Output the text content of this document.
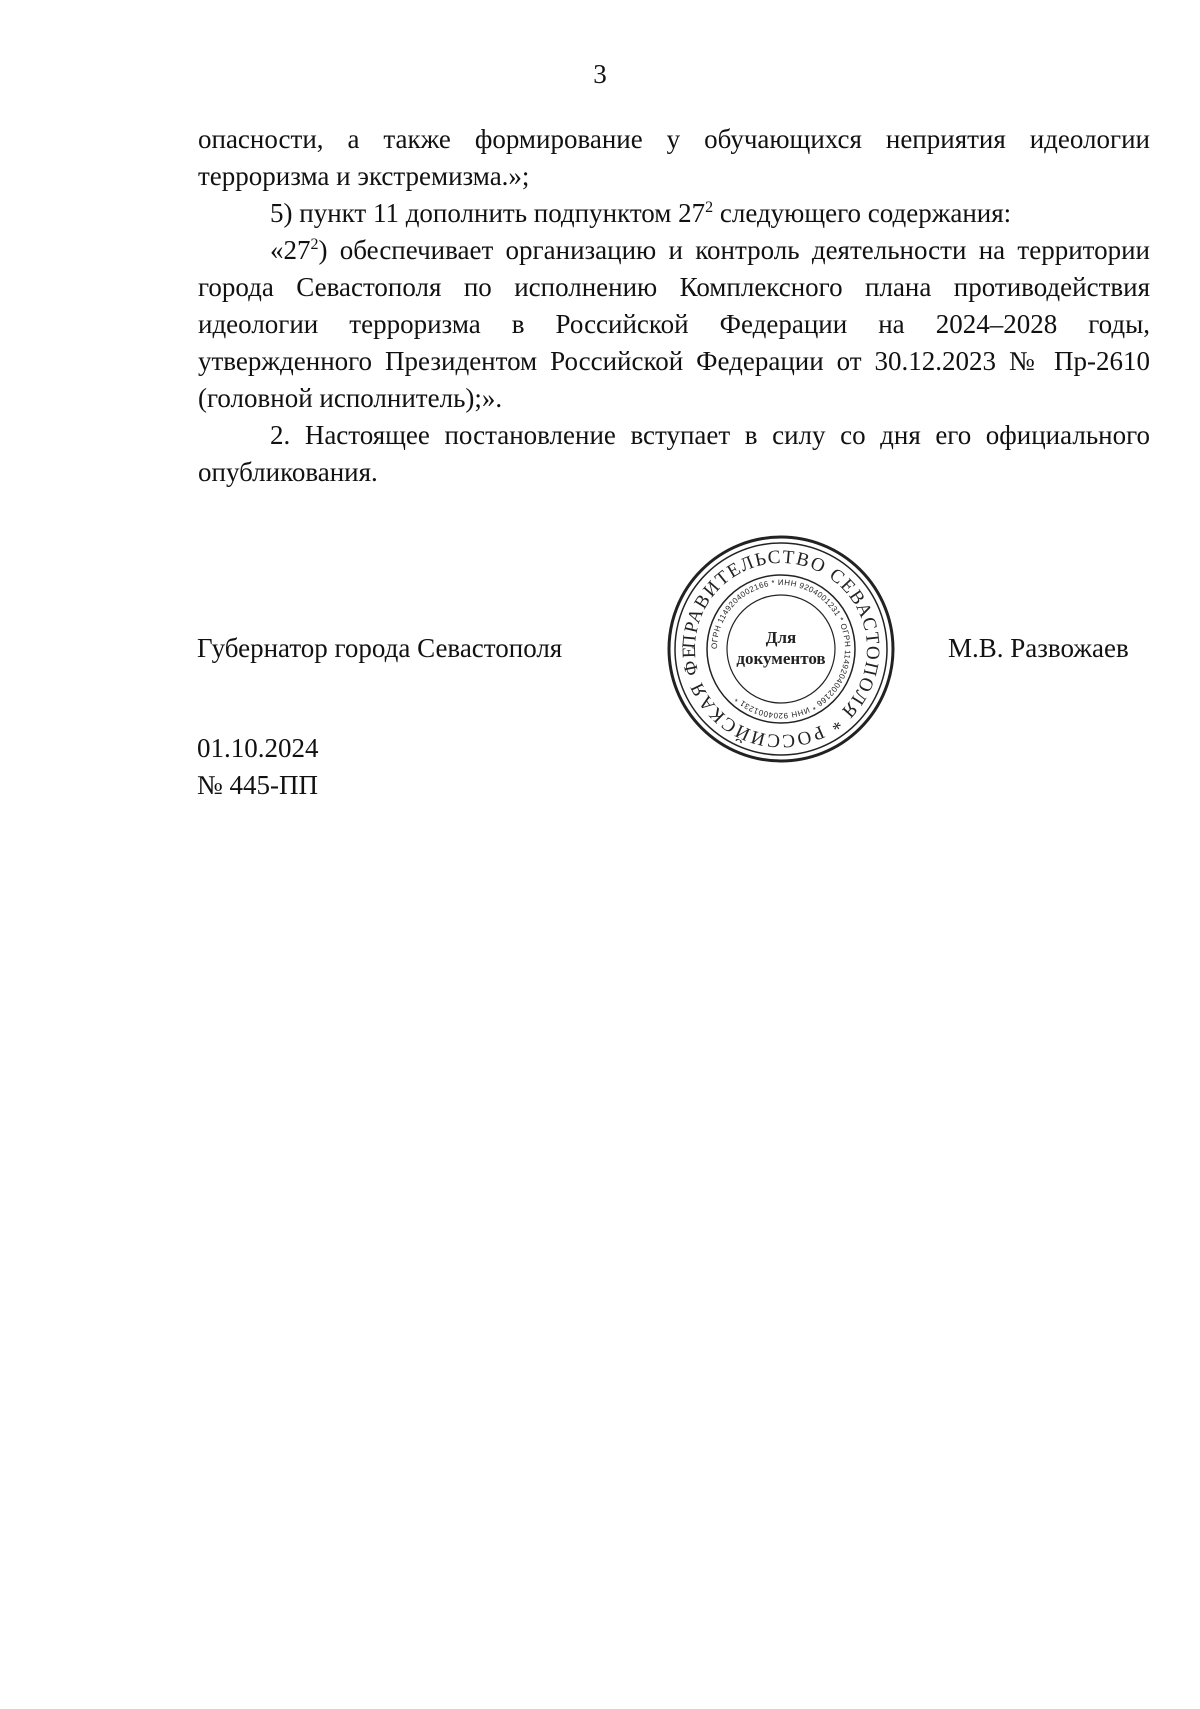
3

опасности, а также формирование у обучающихся неприятия идеологии терроризма и экстремизма.»;

5) пункт 11 дополнить подпунктом $27^2$ следующего содержания:

«$27^2$) обеспечивает организацию и контроль деятельности на территории города Севастополя по исполнению Комплексного плана противодействия идеологии терроризма в Российской Федерации на 2024–2028 годы, утвержденного Президентом Российской Федерации от 30.12.2023 № Пр-2610 (головной исполнитель);».

2. Настоящее постановление вступает в силу со дня его официального опубликования.

Губернатор города Севастополя	ПРАВИТЕЛЬСТВО СЕВАСТОПОЛЯ * РОССИЙСКАЯ ФЕ	ОГРН 1149204002166 * ИНН 9204001231 * ОГРН 1149204002166 * ИНН 9204001231 *
Для
документов	М.В. Развожаев
01.10.2024
№ 445-ПП
